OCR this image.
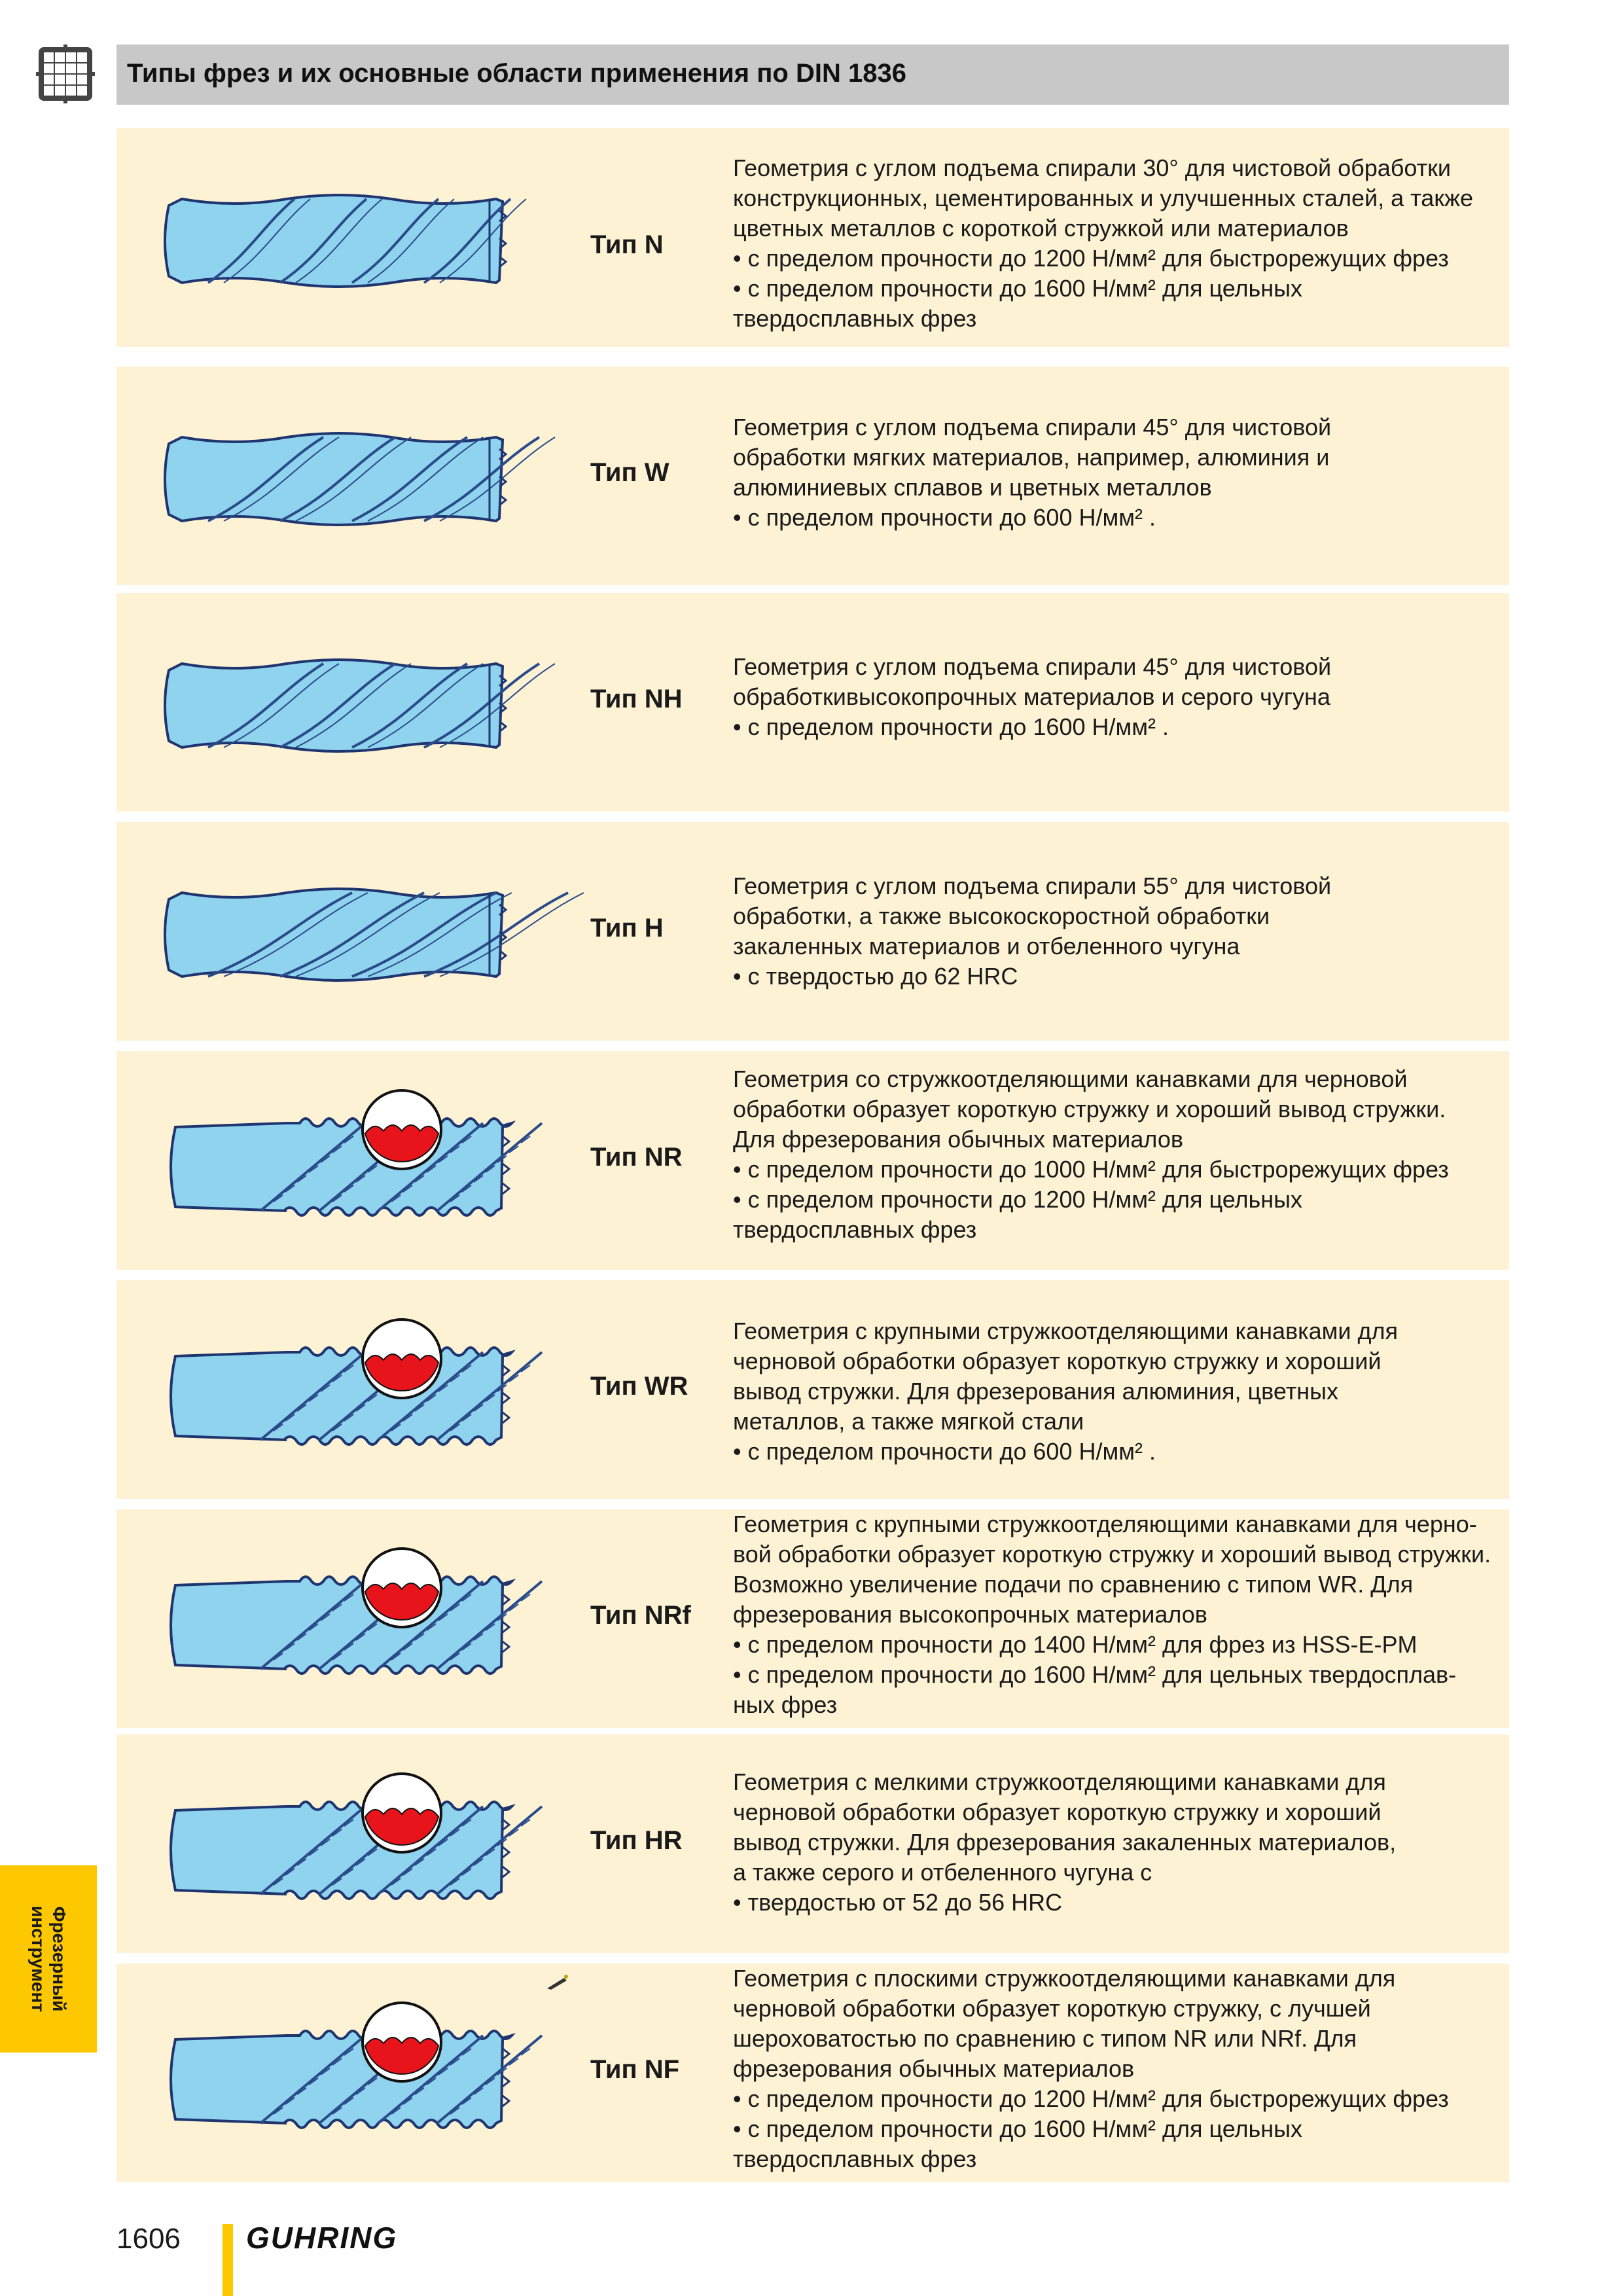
Типы фрез и их основные области применения по DIN 1836
Тип N

Геометрия с углом подъема спирали 30° для чистовой обработки

конструкционных, цементированных и улучшенных сталей, а также

цветных металлов с короткой стружкой или материалов

• с пределом прочности до 1200 Н/мм² для быстрорежущих фрез

• с пределом прочности до 1600 Н/мм² для цельных

твердосплавных фрез

Тип W

Геометрия с углом подъема спирали 45° для чистовой

обработки мягких материалов, например, алюминия и

алюминиевых сплавов и цветных металлов

• с пределом прочности до 600 Н/мм² .

Тип NH

Геометрия с углом подъема спирали 45° для чистовой

обработкивысокопрочных материалов и серого чугуна

• с пределом прочности до 1600 Н/мм² .

Тип H

Геометрия с углом подъема спирали 55° для чистовой

обработки, а также высокоскоростной обработки

закаленных материалов и отбеленного чугуна

• с твердостью до 62 HRC

Тип NR

Геометрия со стружкоотделяющими канавками для черновой

обработки образует короткую стружку и хороший вывод стружки.

Для фрезерования обычных материалов

• с пределом прочности до 1000 Н/мм² для быстрорежущих фрез

• с пределом прочности до 1200 Н/мм² для цельных

твердосплавных фрез

Тип WR

Геометрия с крупными стружкоотделяющими канавками для

черновой обработки образует короткую стружку и хороший

вывод стружки. Для фрезерования алюминия, цветных

металлов, а также мягкой стали

• с пределом прочности до 600 Н/мм² .

Тип NRf

Геометрия с крупными стружкоотделяющими канавками для черно-

вой обработки образует короткую стружку и хороший вывод стружки.

Возможно увеличение подачи по сравнению с типом WR. Для

фрезерования высокопрочных материалов

• с пределом прочности до 1400 Н/мм² для фрез из HSS-E-PM

• с пределом прочности до 1600 Н/мм² для цельных твердосплав-

ных фрез

Тип HR

Геометрия с мелкими стружкоотделяющими канавками для

черновой обработки образует короткую стружку и хороший

вывод стружки. Для фрезерования закаленных материалов,

а также серого и отбеленного чугуна с

• твердостью от 52 до 56 HRC

Тип NF

Геометрия с плоскими стружкоотделяющими канавками для

черновой обработки образует короткую стружку, с лучшей

шероховатостью по сравнению с типом NR или NRf. Для

фрезерования обычных материалов

• с пределом прочности до 1200 Н/мм² для быстрорежущих фрез

• с пределом прочности до 1600 Н/мм² для цельных

твердосплавных фрез

Фрезерный
инструмент
1606 GUHRING
